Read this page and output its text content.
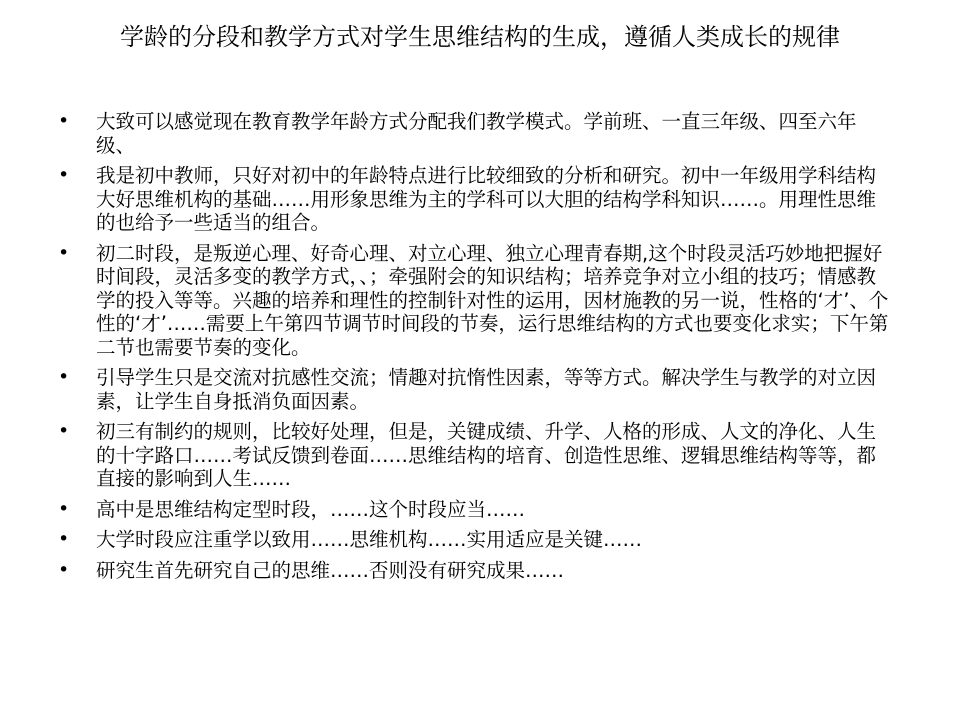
学龄的分段和教学方式对学生思维结构的生成，遵循人类成长的规律
• 大致可以感觉现在教育教学年龄方式分配我们教学模式。学前班、一直三年级、四至六年级、
• 我是初中教师，只好对初中的年龄特点进行比较细致的分析和研究。初中一年级用学科结构大好思维机构的基础……用形象思维为主的学科可以大胆的结构学科知识……。用理性思维的也给予一些适当的组合。
• 初二时段，是叛逆心理、好奇心理、对立心理、独立心理青春期,这个时段灵活巧妙地把握好时间段，灵活多变的教学方式，、；牵强附会的知识结构；培养竞争对立小组的技巧；情感教学的投入等等。兴趣的培养和理性的控制针对性的运用，因材施教的另一说，性格的‘才’、个性的‘才’……需要上午第四节调节时间段的节奏，运行思维结构的方式也要变化求实；下午第二节也需要节奏的变化。
• 引导学生只是交流对抗感性交流；情趣对抗惰性因素，等等方式。解决学生与教学的对立因素，让学生自身抵消负面因素。
• 初三有制约的规则，比较好处理，但是，关键成绩、升学、人格的形成、人文的净化、人生的十字路口……考试反馈到卷面……思维结构的培育、创造性思维、逻辑思维结构等等，都直接的影响到人生……
• 高中是思维结构定型时段，……这个时段应当……
• 大学时段应注重学以致用……思维机构……实用适应是关键……
• 研究生首先研究自己的思维……否则没有研究成果……
